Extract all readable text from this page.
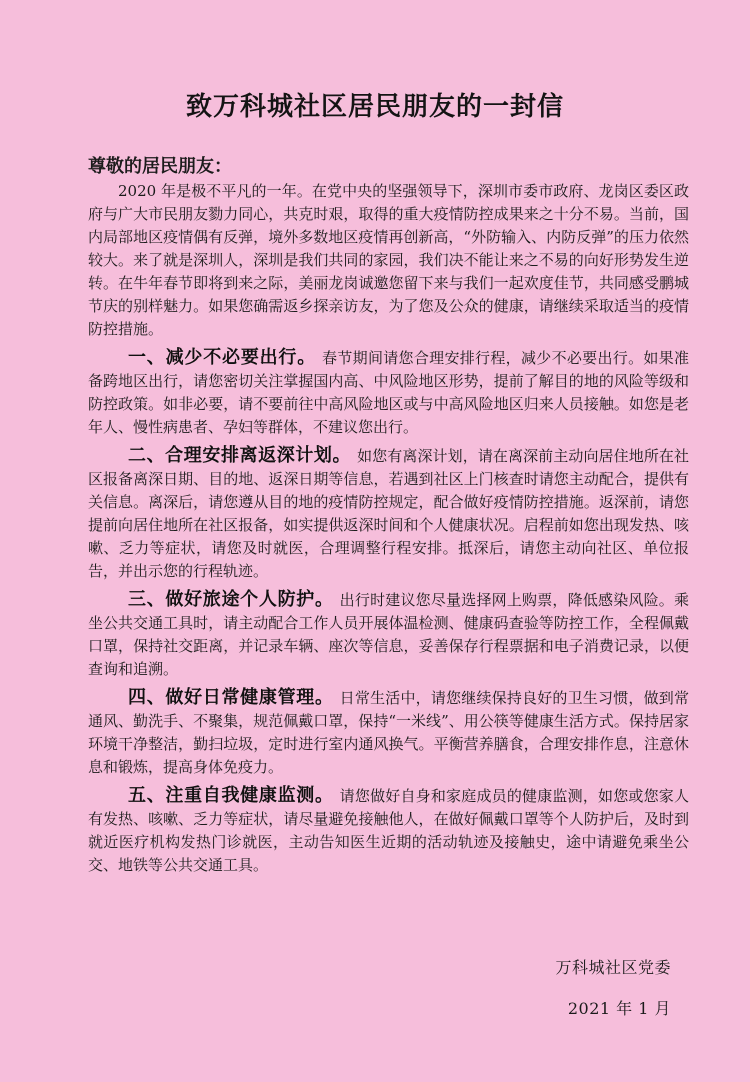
致万科城社区居民朋友的一封信
尊敬的居民朋友：

2020 年是极不平凡的一年。在党中央的坚强领导下，深圳市委市政府、龙岗区委区政府与广大市民朋友勠力同心，共克时艰，取得的重大疫情防控成果来之十分不易。当前，国内局部地区疫情偶有反弹，境外多数地区疫情再创新高，“外防输入、内防反弹”的压力依然较大。来了就是深圳人，深圳是我们共同的家园，我们决不能让来之不易的向好形势发生逆转。在牛年春节即将到来之际，美丽龙岗诚邀您留下来与我们一起欢度佳节，共同感受鹏城节庆的别样魅力。如果您确需返乡探亲访友，为了您及公众的健康，请继续采取适当的疫情防控措施。

一、减少不必要出行。 春节期间请您合理安排行程，减少不必要出行。如果准备跨地区出行，请您密切关注掌握国内高、中风险地区形势，提前了解目的地的风险等级和防控政策。如非必要，请不要前往中高风险地区或与中高风险地区归来人员接触。如您是老年人、慢性病患者、孕妇等群体，不建议您出行。

二、合理安排离返深计划。 如您有离深计划，请在离深前主动向居住地所在社区报备离深日期、目的地、返深日期等信息，若遇到社区上门核查时请您主动配合，提供有关信息。离深后，请您遵从目的地的疫情防控规定，配合做好疫情防控措施。返深前，请您提前向居住地所在社区报备，如实提供返深时间和个人健康状况。启程前如您出现发热、咳嗽、乏力等症状，请您及时就医，合理调整行程安排。抵深后，请您主动向社区、单位报告，并出示您的行程轨迹。

三、做好旅途个人防护。 出行时建议您尽量选择网上购票，降低感染风险。乘坐公共交通工具时，请主动配合工作人员开展体温检测、健康码查验等防控工作，全程佩戴口罩，保持社交距离，并记录车辆、座次等信息，妥善保存行程票据和电子消费记录，以便查询和追溯。

四、做好日常健康管理。 日常生活中，请您继续保持良好的卫生习惯，做到常通风、勤洗手、不聚集，规范佩戴口罩，保持“一米线”、用公筷等健康生活方式。保持居家环境干净整洁，勤扫垃圾，定时进行室内通风换气。平衡营养膳食，合理安排作息，注意休息和锻炼，提高身体免疫力。

五、注重自我健康监测。 请您做好自身和家庭成员的健康监测，如您或您家人有发热、咳嗽、乏力等症状，请尽量避免接触他人，在做好佩戴口罩等个人防护后，及时到就近医疗机构发热门诊就医，主动告知医生近期的活动轨迹及接触史，途中请避免乘坐公交、地铁等公共交通工具。

万科城社区党委
2021 年 1 月
